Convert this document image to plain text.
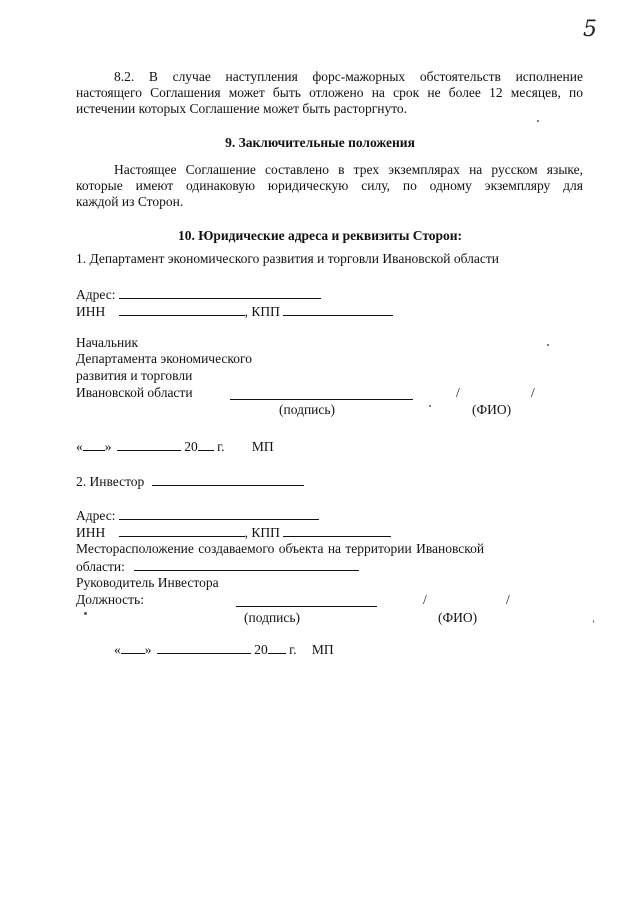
5
8.2. В случае наступления форс-мажорных обстоятельств исполнение
настоящего Соглашения может быть отложено на срок не более 12 месяцев, по
истечении которых Соглашение может быть расторгнуто.
9. Заключительные положения
Настоящее Соглашение составлено в трех экземплярах на русском языке,
которые имеют одинаковую юридическую силу, по одному экземпляру для
каждой из Сторон.
10. Юридические адреса и реквизиты Сторон:
1. Департамент экономического развития и торговли Ивановской области
Адрес:
ИНН	, КПП
Начальник
Департамента экономического
развития и торговли
Ивановской области	/	/
(подпись)	(ФИО)
« »	20 г. МП
2. Инвестор
Адрес:
ИНН	, КПП
Месторасположение создаваемого объекта на территории Ивановской
области:
Руководитель Инвестора
Должность:	/	/
(подпись)	(ФИО)
« »	20 г. МП
